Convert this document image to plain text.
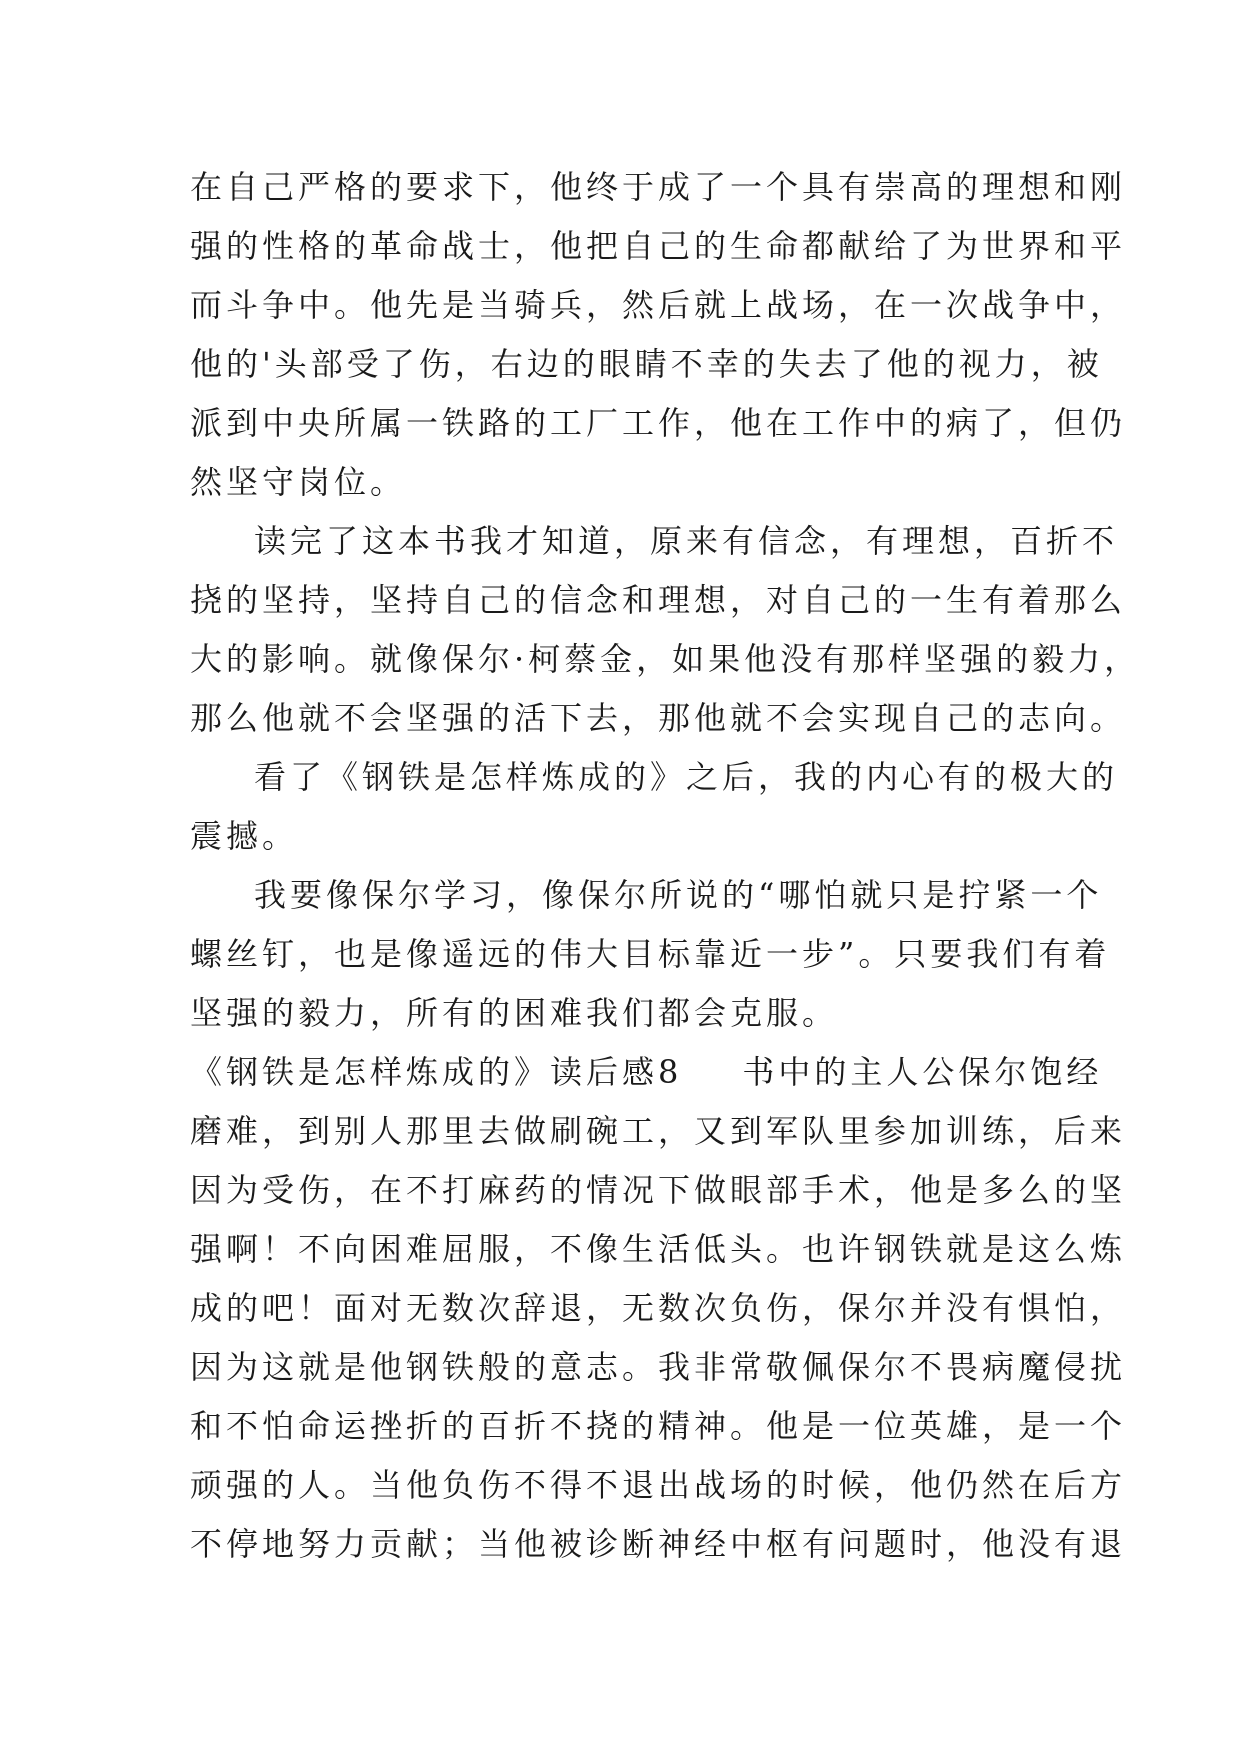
在自己严格的要求下，他终于成了一个具有崇高的理想和刚
强的性格的革命战士，他把自己的生命都献给了为世界和平
而斗争中。他先是当骑兵，然后就上战场，在一次战争中，
他的'头部受了伤，右边的眼睛不幸的失去了他的视力，被
派到中央所属一铁路的工厂工作，他在工作中的病了，但仍
然坚守岗位。
读完了这本书我才知道，原来有信念，有理想，百折不
挠的坚持，坚持自己的信念和理想，对自己的一生有着那么
大的影响。就像保尔·柯蔡金，如果他没有那样坚强的毅力，
那么他就不会坚强的活下去，那他就不会实现自己的志向。
看了《钢铁是怎样炼成的》之后，我的内心有的极大的
震撼。
我要像保尔学习，像保尔所说的“哪怕就只是拧紧一个
螺丝钉，也是像遥远的伟大目标靠近一步”。只要我们有着
坚强的毅力，所有的困难我们都会克服。
《钢铁是怎样炼成的》读后感8 书中的主人公保尔饱经
磨难，到别人那里去做刷碗工，又到军队里参加训练，后来
因为受伤，在不打麻药的情况下做眼部手术，他是多么的坚
强啊！不向困难屈服，不像生活低头。也许钢铁就是这么炼
成的吧！面对无数次辞退，无数次负伤，保尔并没有惧怕，
因为这就是他钢铁般的意志。我非常敬佩保尔不畏病魔侵扰
和不怕命运挫折的百折不挠的精神。他是一位英雄，是一个
顽强的人。当他负伤不得不退出战场的时候，他仍然在后方
不停地努力贡献；当他被诊断神经中枢有问题时，他没有退
